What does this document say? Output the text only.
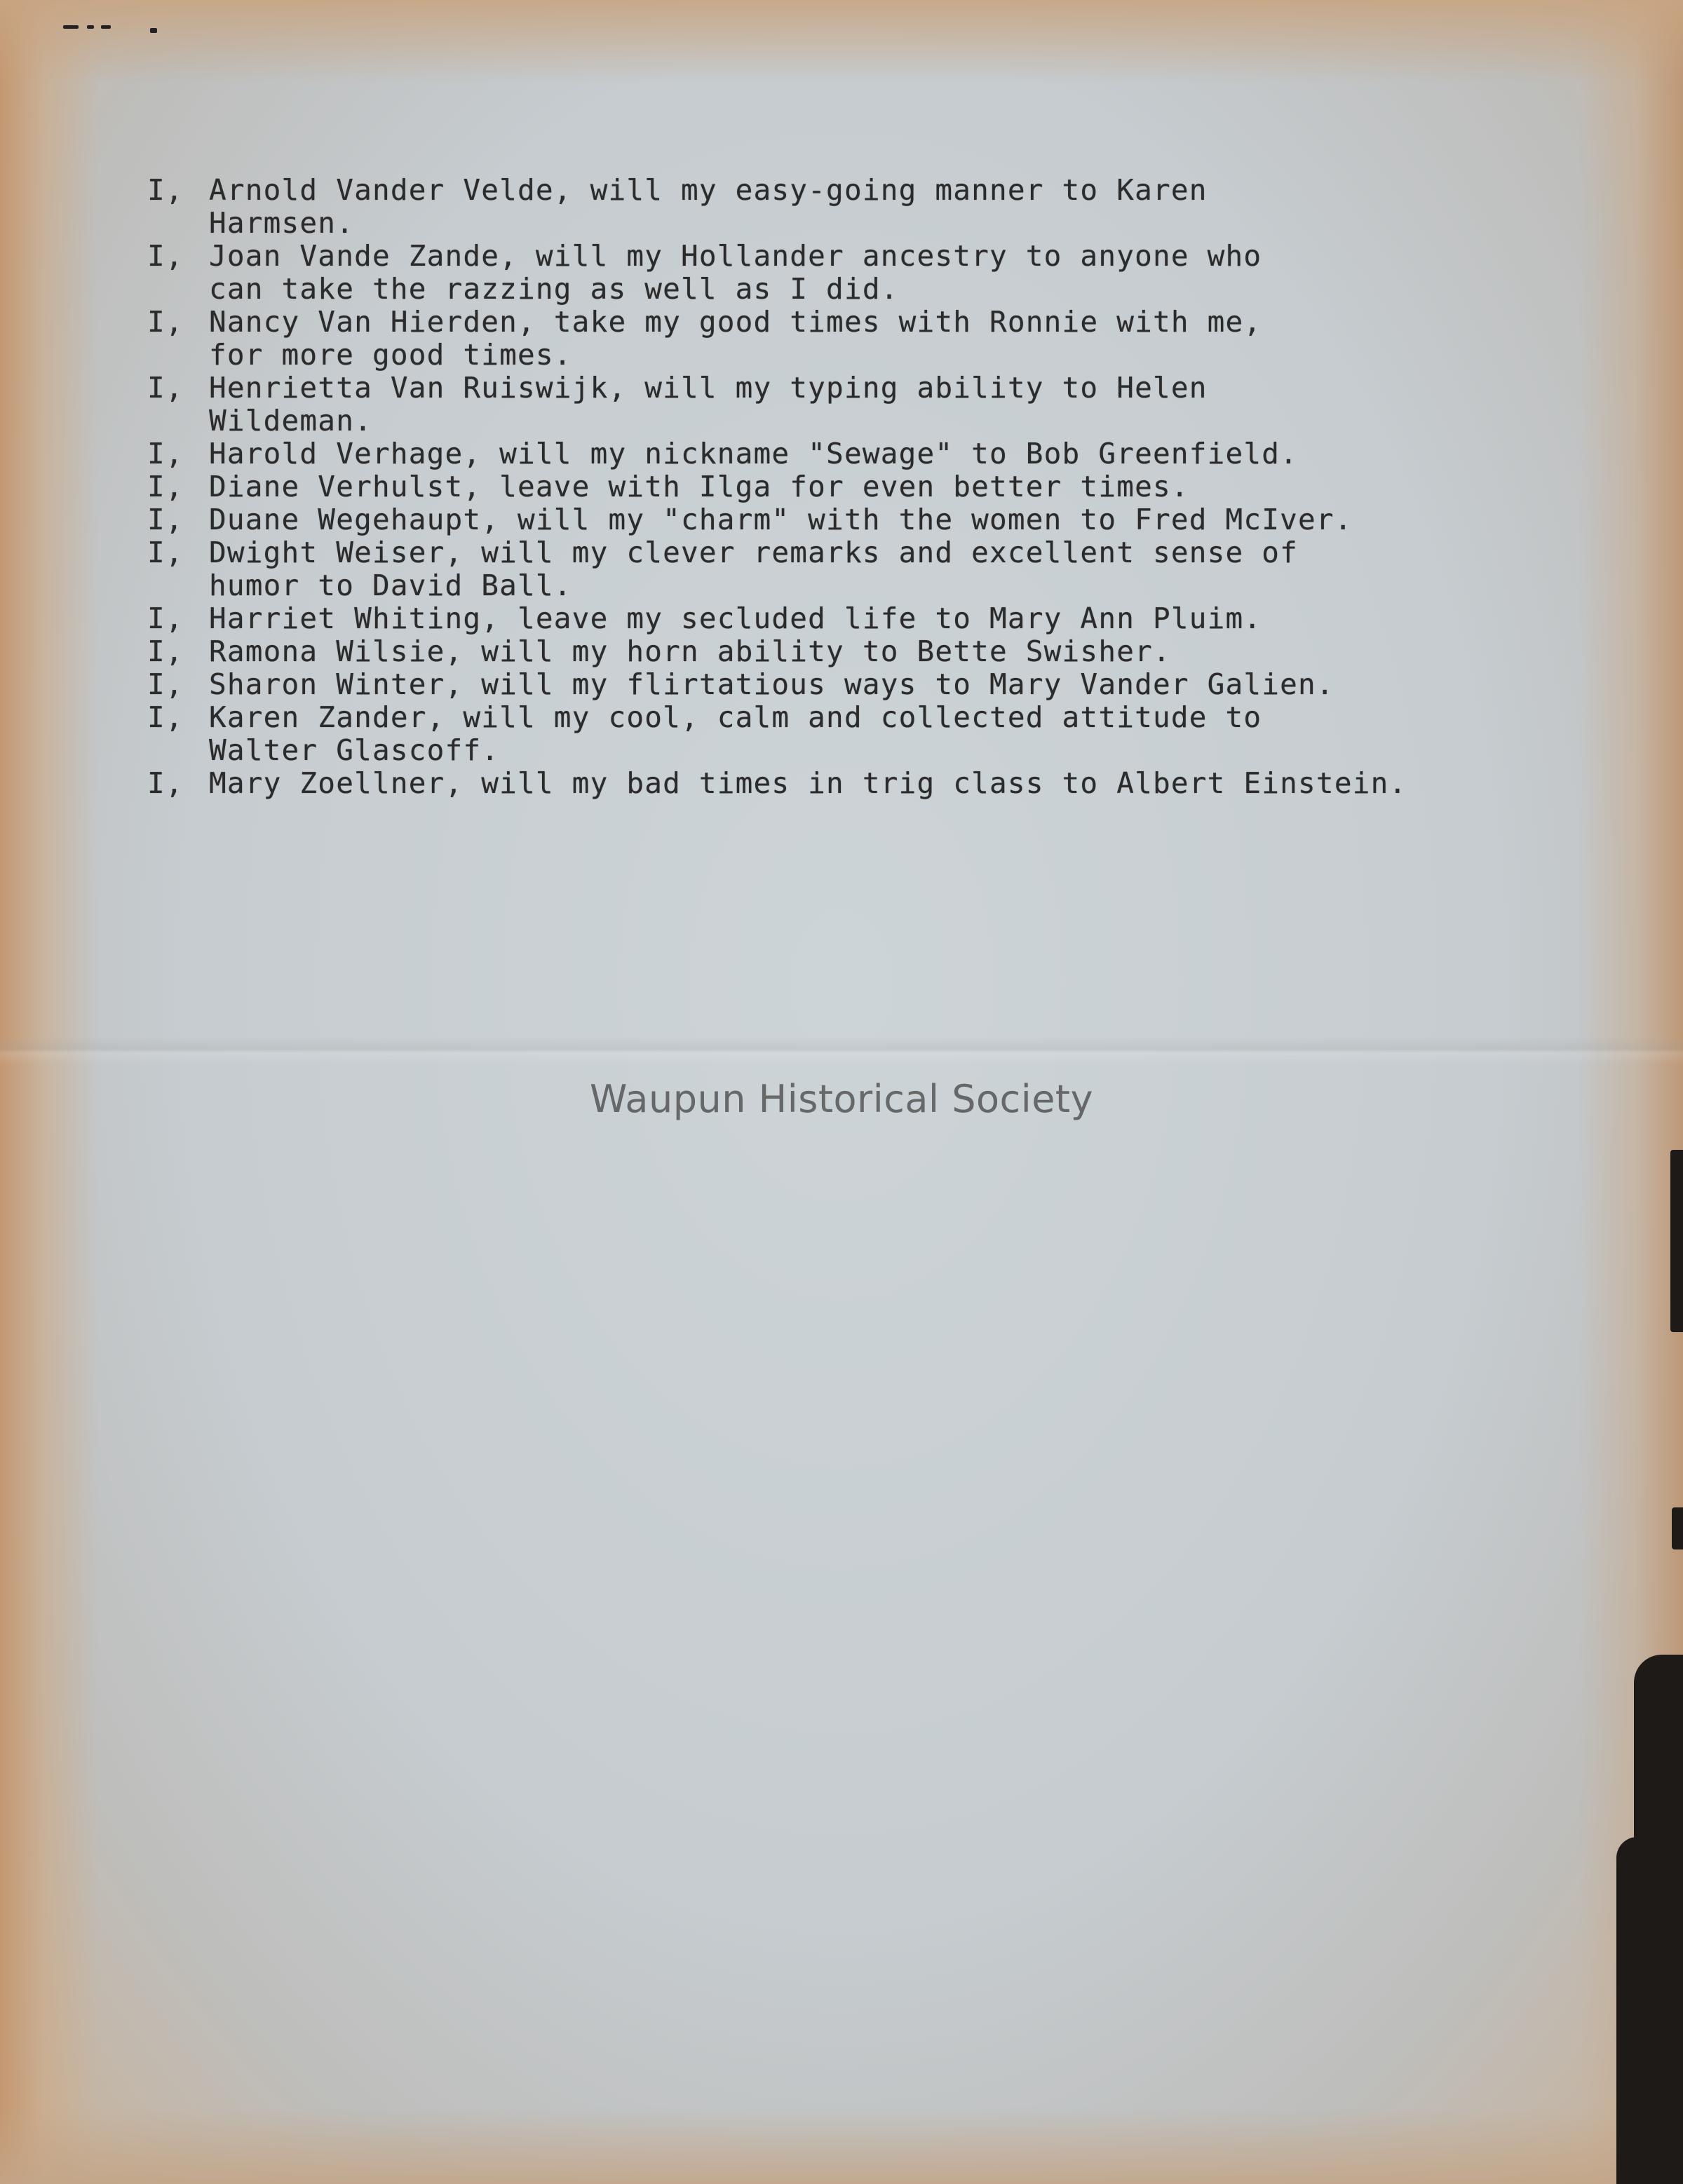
I, Arnold Vander Velde, will my easy-going manner to Karen
Harmsen.
I, Joan Vande Zande, will my Hollander ancestry to anyone who
can take the razzing as well as I did.
I, Nancy Van Hierden, take my good times with Ronnie with me,
for more good times.
I, Henrietta Van Ruiswijk, will my typing ability to Helen
Wildeman.
I, Harold Verhage, will my nickname "Sewage" to Bob Greenfield.
I, Diane Verhulst, leave with Ilga for even better times.
I, Duane Wegehaupt, will my "charm" with the women to Fred McIver.
I, Dwight Weiser, will my clever remarks and excellent sense of
humor to David Ball.
I, Harriet Whiting, leave my secluded life to Mary Ann Pluim.
I, Ramona Wilsie, will my horn ability to Bette Swisher.
I, Sharon Winter, will my flirtatious ways to Mary Vander Galien.
I, Karen Zander, will my cool, calm and collected attitude to
Walter Glascoff.
I, Mary Zoellner, will my bad times in trig class to Albert Einstein.
Waupun Historical Society
